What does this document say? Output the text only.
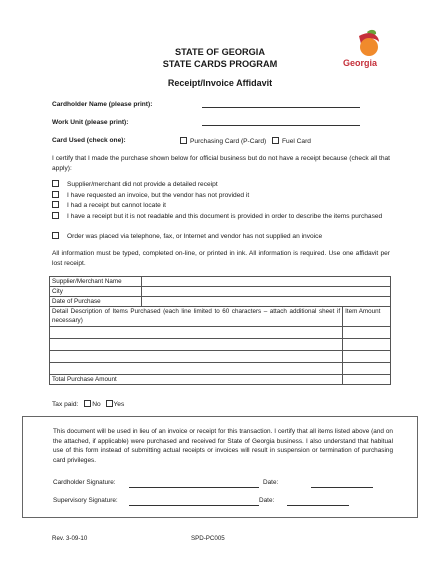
STATE OF GEORGIA
STATE CARDS PROGRAM
Receipt/Invoice Affidavit
Georgia
Cardholder Name (please print):
Work Unit (please print):
Card Used (check one):	Purchasing Card (P-Card)	Fuel Card
I certify that I made the purchase shown below for official business but do not have a receipt because (check all that apply):
Supplier/merchant did not provide a detailed receipt
I have requested an invoice, but the vendor has not provided it
I had a receipt but cannot locate it
I have a receipt but it is not readable and this document is provided in order to describe the items purchased
Order was placed via telephone, fax, or Internet and vendor has not supplied an invoice
All information must be typed, completed on-line, or printed in ink. All information is required. Use one affidavit per lost receipt.
Supplier/Merchant Name		
City		
Date of Purchase		
Detail Description of Items Purchased (each line limited to 60 characters – attach additional sheet if necessary)		Item Amount

Total Purchase Amount		
Tax paid: No Yes
This document will be used in lieu of an invoice or receipt for this transaction. I certify that all items listed above (and on the attached, if applicable) were purchased and received for State of Georgia business. I also understand that habitual use of this form instead of submitting actual receipts or invoices will result in suspension or termination of purchasing card privileges.
Cardholder Signature:	Date:
Supervisory Signature:	Date:
Rev. 3-09-10	SPD-PC005
